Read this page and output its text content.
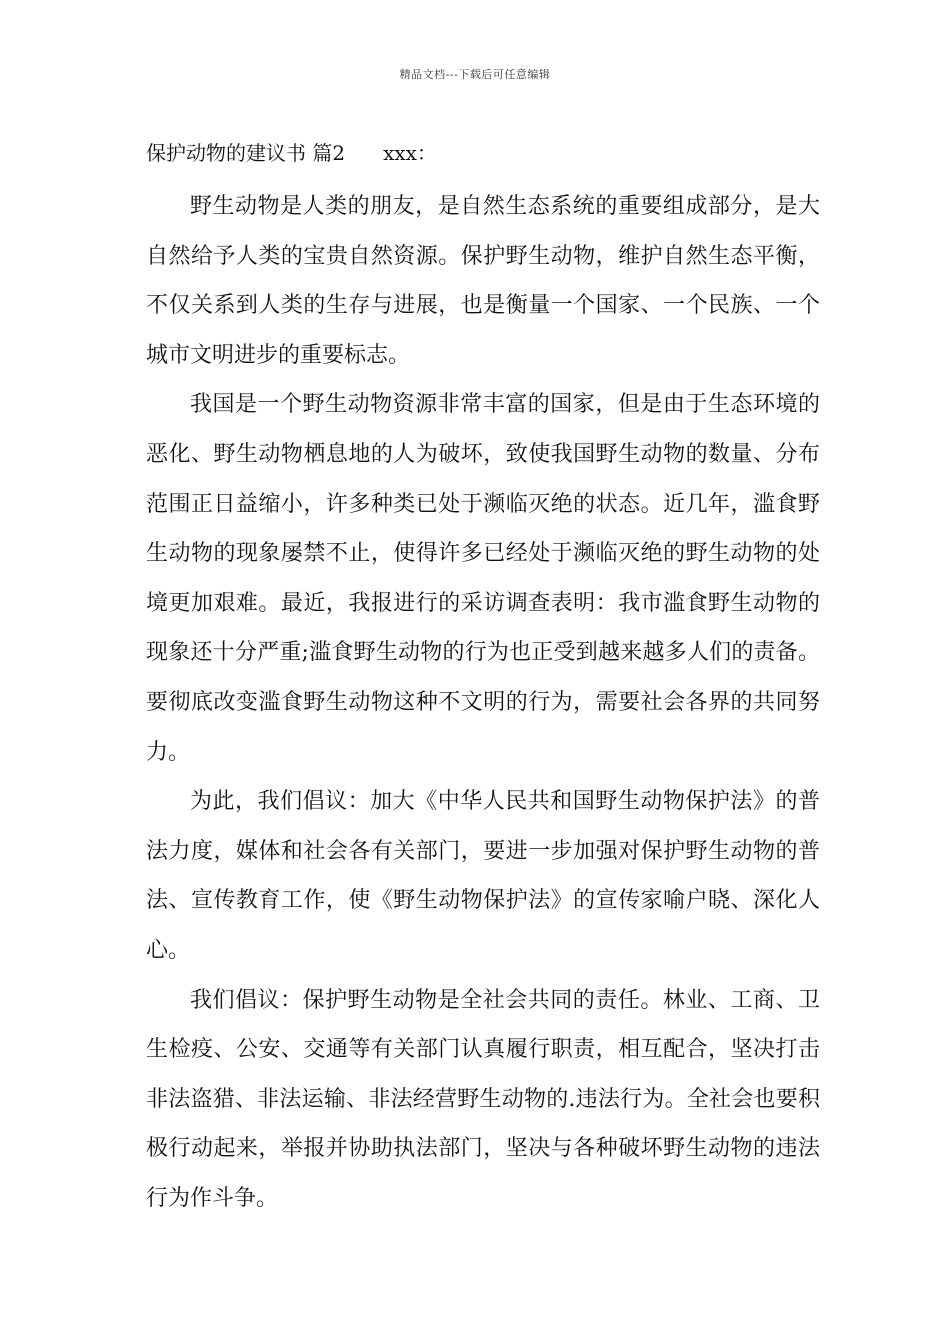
精品文档---下载后可任意编辑
保护动物的建议书 篇2 xxx：

野生动物是人类的朋友，是自然生态系统的重要组成部分，是大自然给予人类的宝贵自然资源。保护野生动物，维护自然生态平衡，不仅关系到人类的生存与进展，也是衡量一个国家、一个民族、一个城市文明进步的重要标志。

我国是一个野生动物资源非常丰富的国家，但是由于生态环境的恶化、野生动物栖息地的人为破坏，致使我国野生动物的数量、分布范围正日益缩小，许多种类已处于濒临灭绝的状态。近几年，滥食野生动物的现象屡禁不止，使得许多已经处于濒临灭绝的野生动物的处境更加艰难。最近，我报进行的采访调查表明：我市滥食野生动物的现象还十分严重;滥食野生动物的行为也正受到越来越多人们的责备。要彻底改变滥食野生动物这种不文明的行为，需要社会各界的共同努力。

为此，我们倡议：加大《中华人民共和国野生动物保护法》的普法力度，媒体和社会各有关部门，要进一步加强对保护野生动物的普法、宣传教育工作，使《野生动物保护法》的宣传家喻户晓、深化人心。

我们倡议：保护野生动物是全社会共同的责任。林业、工商、卫生检疫、公安、交通等有关部门认真履行职责，相互配合，坚决打击非法盗猎、非法运输、非法经营野生动物的.违法行为。全社会也要积极行动起来，举报并协助执法部门，坚决与各种破坏野生动物的违法行为作斗争。
